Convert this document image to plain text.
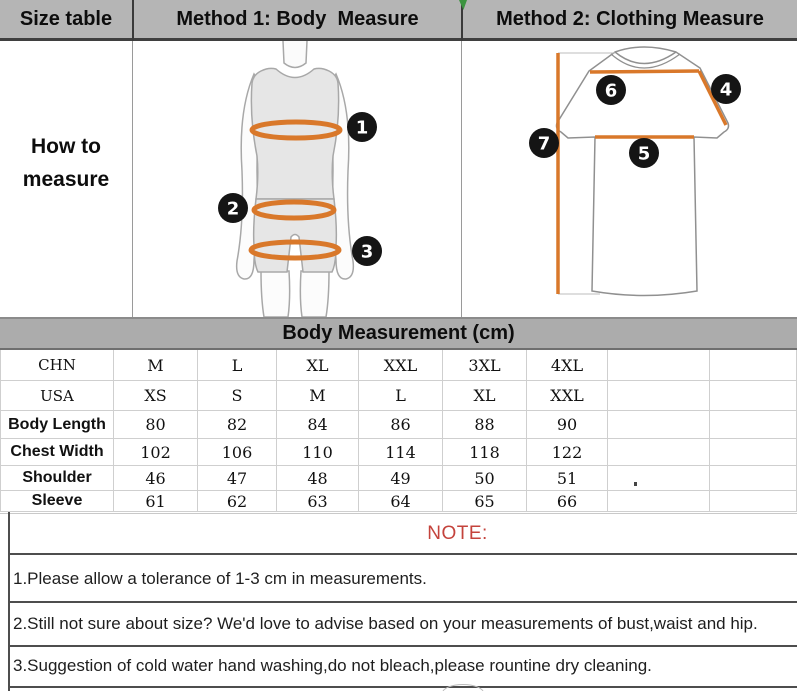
Size table	Method 1: Body  Measure	Method 2: Clothing Measure
How to
measure
1
2
3
6	4
7	5
Body Measurement (cm)
CHN	M	L	XL	XXL	3XL	4XL
USA	XS	S	M	L	XL	XXL
Body Length	80	82	84	86	88	90
Chest Width	102	106	110	114	118	122
Shoulder	46	47	48	49	50	51
Sleeve	61	62	63	64	65	66
NOTE:
1.Please allow a tolerance of 1-3 cm in measurements.
2.Still not sure about size? We'd love to advise based on your measurements of bust,waist and hip.
3.Suggestion of cold water hand washing,do not bleach,please rountine dry cleaning.
